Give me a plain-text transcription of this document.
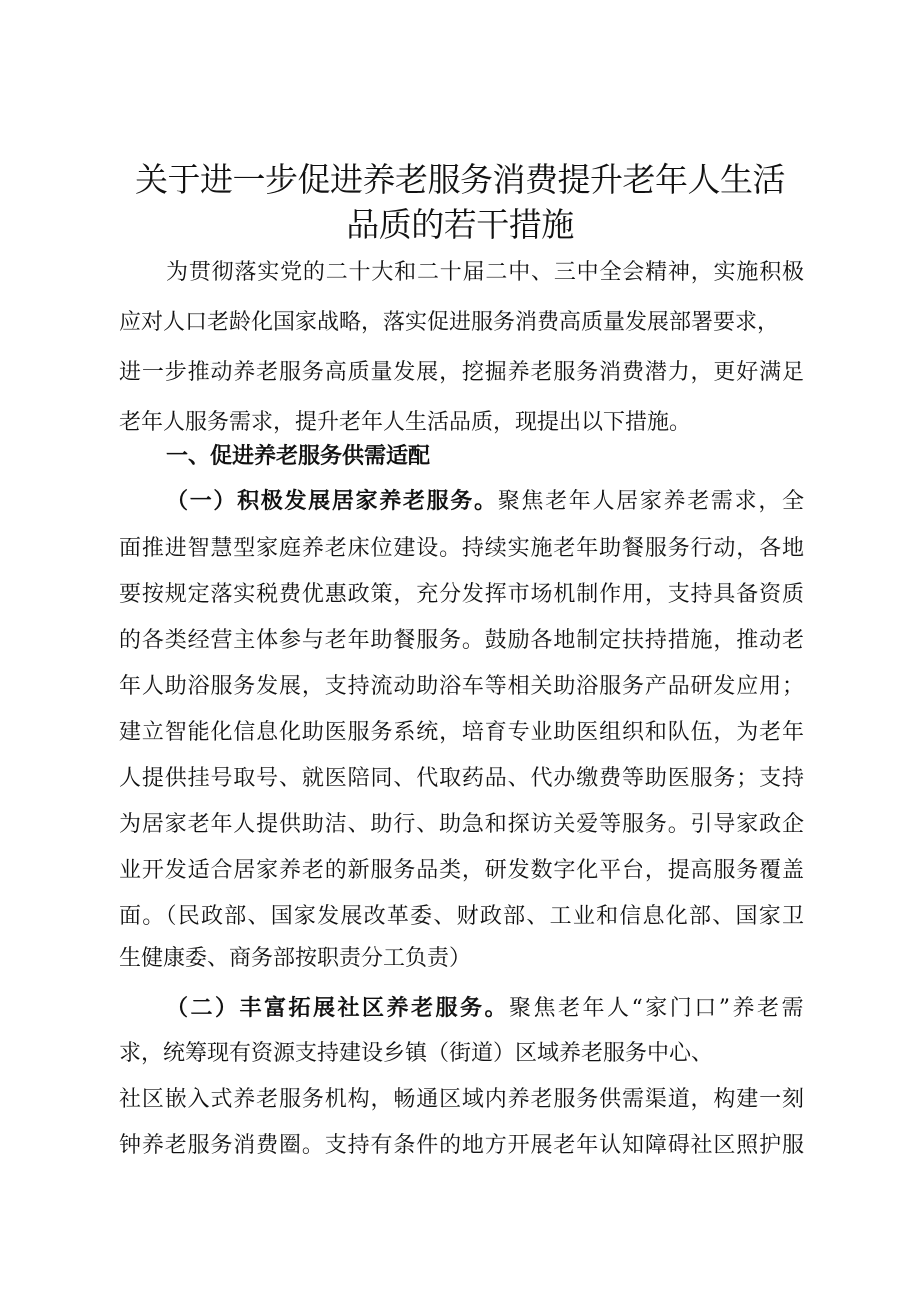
关于进一步促进养老服务消费提升老年人生活
品质的若干措施

为贯彻落实党的二十大和二十届二中、三中全会精神，实施积极

应对人口老龄化国家战略，落实促进服务消费高质量发展部署要求，

进一步推动养老服务高质量发展，挖掘养老服务消费潜力，更好满足

老年人服务需求，提升老年人生活品质，现提出以下措施。

一、促进养老服务供需适配

（一）积极发展居家养老服务。聚焦老年人居家养老需求，全

面推进智慧型家庭养老床位建设。持续实施老年助餐服务行动，各地

要按规定落实税费优惠政策，充分发挥市场机制作用，支持具备资质

的各类经营主体参与老年助餐服务。鼓励各地制定扶持措施，推动老

年人助浴服务发展，支持流动助浴车等相关助浴服务产品研发应用；

建立智能化信息化助医服务系统，培育专业助医组织和队伍，为老年

人提供挂号取号、就医陪同、代取药品、代办缴费等助医服务；支持

为居家老年人提供助洁、助行、助急和探访关爱等服务。引导家政企

业开发适合居家养老的新服务品类，研发数字化平台，提高服务覆盖

面。（民政部、国家发展改革委、财政部、工业和信息化部、国家卫

生健康委、商务部按职责分工负责）

（二）丰富拓展社区养老服务。聚焦老年人“家门口”养老需

求，统筹现有资源支持建设乡镇（街道）区域养老服务中心、

社区嵌入式养老服务机构，畅通区域内养老服务供需渠道，构建一刻

钟养老服务消费圈。支持有条件的地方开展老年认知障碍社区照护服
